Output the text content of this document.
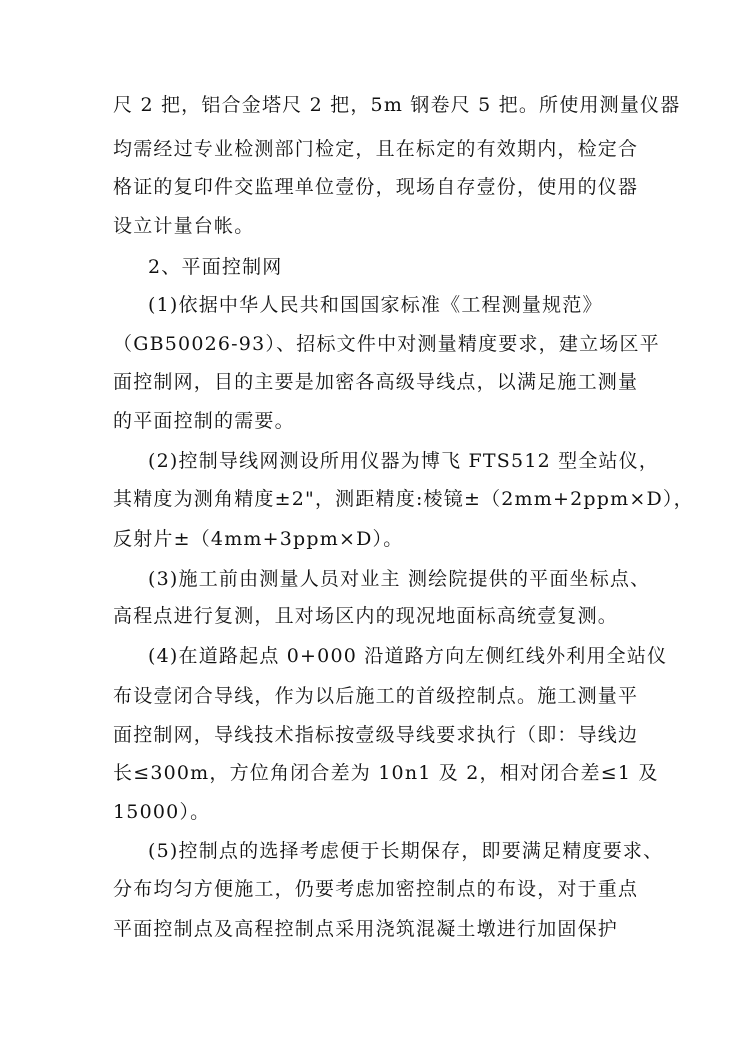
尺 2 把，铝合金塔尺 2 把，5m 钢卷尺 5 把。所使用测量仪器
均需经过专业检测部门检定，且在标定的有效期内，检定合
格证的复印件交监理单位壹份，现场自存壹份，使用的仪器
设立计量台帐。
2、平面控制网
(1)依据中华人民共和国国家标准《工程测量规范》
（GB50026-93）、招标文件中对测量精度要求，建立场区平
面控制网，目的主要是加密各高级导线点，以满足施工测量
的平面控制的需要。
(2)控制导线网测设所用仪器为博飞 FTS512 型全站仪，
其精度为测角精度±2"，测距精度:棱镜±（2mm+2ppm×D），
反射片±（4mm+3ppm×D）。
(3)施工前由测量人员对业主 测绘院提供的平面坐标点、
高程点进行复测，且对场区内的现况地面标高统壹复测。
(4)在道路起点 0+000 沿道路方向左侧红线外利用全站仪
布设壹闭合导线，作为以后施工的首级控制点。施工测量平
面控制网，导线技术指标按壹级导线要求执行（即：导线边
长≤300m，方位角闭合差为 10n1 及 2，相对闭合差≤1 及
15000）。
(5)控制点的选择考虑便于长期保存，即要满足精度要求、
分布均匀方便施工，仍要考虑加密控制点的布设，对于重点
平面控制点及高程控制点采用浇筑混凝土墩进行加固保护
